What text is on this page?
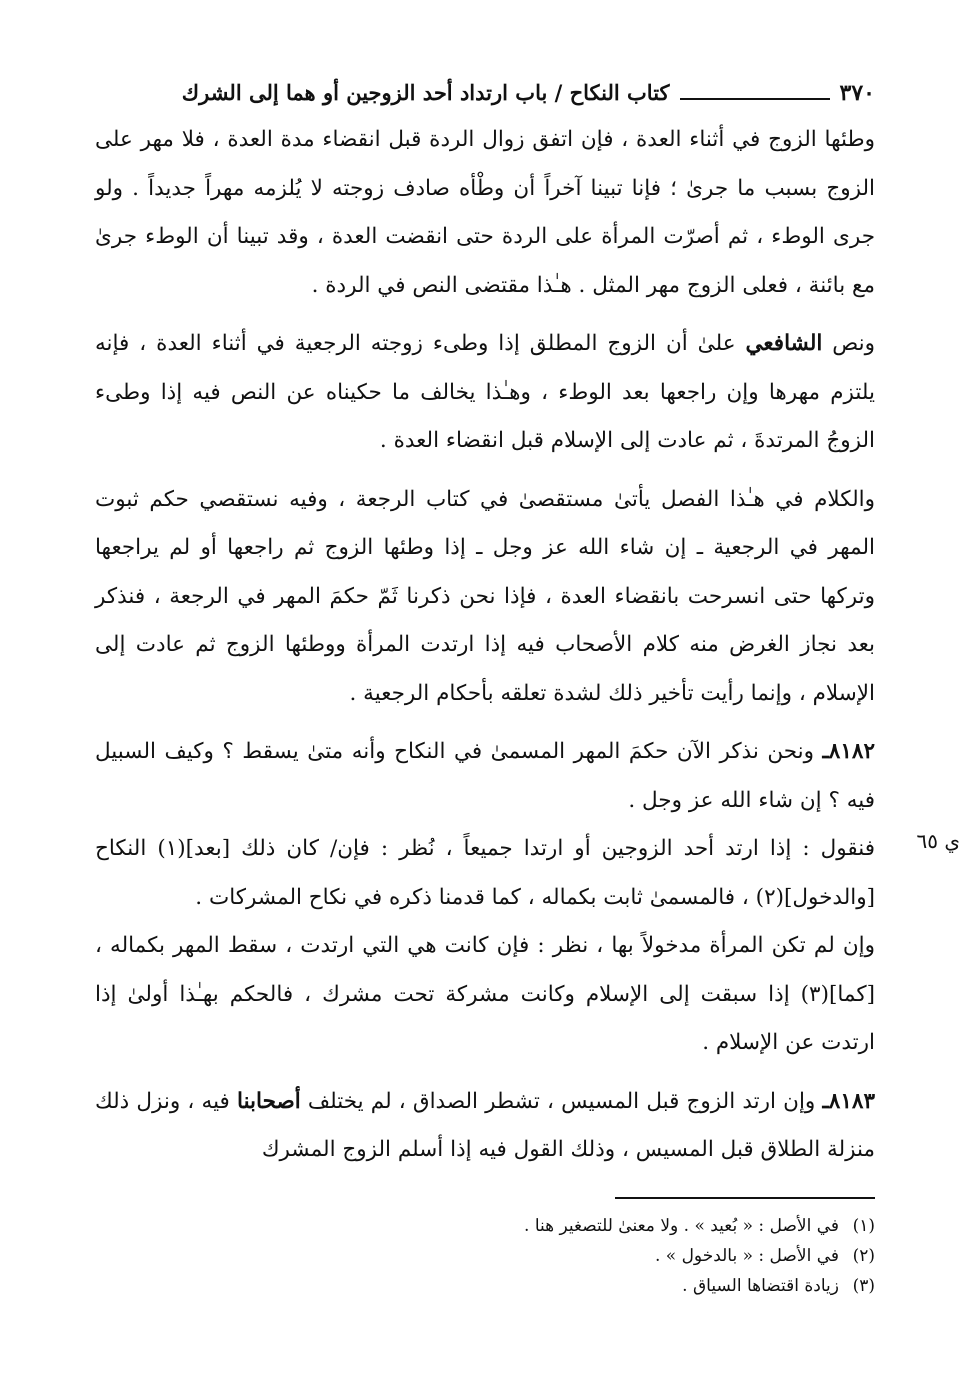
٣٧٠
كتاب النكاح / باب ارتداد أحد الزوجين أو هما إلى الشرك

وطئها الزوج في أثناء العدة ، فإن اتفق زوال الردة قبل انقضاء مدة العدة ، فلا مهر على الزوج بسبب ما جرىٰ ؛ فإنا تبينا آخراً أن وطْأه صادف زوجته لا يُلزمه مهراً جديداً . ولو جرى الوطء ، ثم أصرّت المرأة على الردة حتى انقضت العدة ، وقد تبينا أن الوطء جرىٰ مع بائنة ، فعلى الزوج مهر المثل . هـٰذا مقتضى النص في الردة .

ونص الشافعي علىٰ أن الزوج المطلق إذا وطىء زوجته الرجعية في أثناء العدة ، فإنه يلتزم مهرها وإن راجعها بعد الوطء ، وهـٰذا يخالف ما حكيناه عن النص فيه إذا وطىء الزوجُ المرتدةَ ، ثم عادت إلى الإسلام قبل انقضاء العدة .

والكلام في هـٰذا الفصل يأتىٰ مستقصىٰ في كتاب الرجعة ، وفيه نستقصي حكم ثبوت المهر في الرجعية ـ إن شاء الله عز وجل ـ إذا وطئها الزوج ثم راجعها أو لم يراجعها وتركها حتى انسرحت بانقضاء العدة ، فإذا نحن ذكرنا ثَمّ حكمَ المهر في الرجعة ، فنذكر بعد نجاز الغرض منه كلام الأصحاب فيه إذا ارتدت المرأة ووطئها الزوج ثم عادت إلى الإسلام ، وإنما رأيت تأخير ذلك لشدة تعلقه بأحكام الرجعية .

٨١٨٢ـ ونحن نذكر الآن حكمَ المهر المسمىٰ في النكاح وأنه متىٰ يسقط ؟ وكيف السبيل فيه ؟ إن شاء الله عز وجل .

ي ٦٥

فنقول : إذا ارتد أحد الزوجين أو ارتدا جميعاً ، نُظر : فإن/ كان ذلك [بعد](١) النكاح [والدخول](٢) ، فالمسمىٰ ثابت بكماله ، كما قدمنا ذكره في نكاح المشركات .

وإن لم تكن المرأة مدخولاً بها ، نظر : فإن كانت هي التي ارتدت ، سقط المهر بكماله ، [كما](٣) إذا سبقت إلى الإسلام وكانت مشركة تحت مشرك ، فالحكم بهـٰذا أولىٰ إذا ارتدت عن الإسلام .

٨١٨٣ـ وإن ارتد الزوج قبل المسيس ، تشطر الصداق ، لم يختلف أصحابنا فيه ، ونزل ذلك منزلة الطلاق قبل المسيس ، وذلك القول فيه إذا أسلم الزوج المشرك

(١)في الأصل : « بُعيد » . ولا معنىٰ للتصغير هنا .

(٢)في الأصل : « بالدخول » .

(٣)زيادة اقتضاها السياق .
